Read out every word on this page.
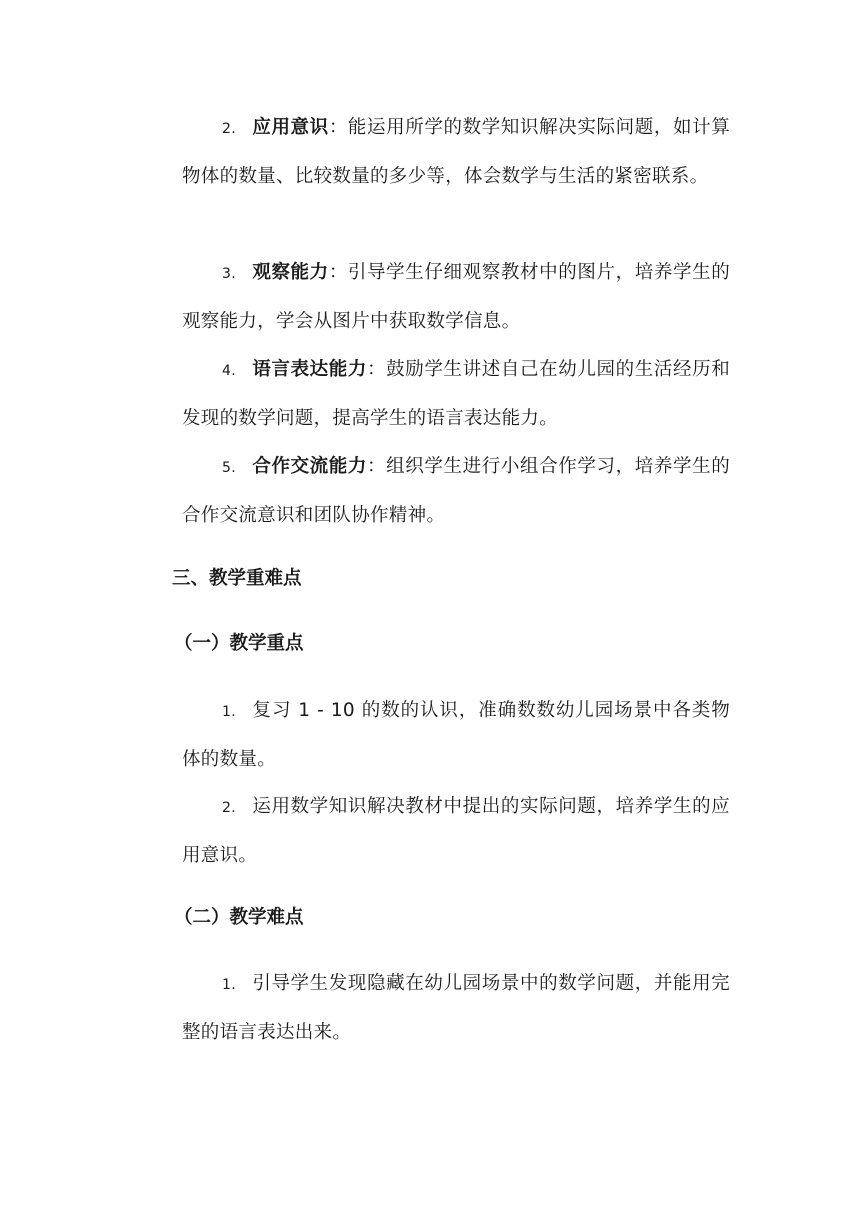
2. 应用意识：能运用所学的数学知识解决实际问题，如计算物体的数量、比较数量的多少等，体会数学与生活的紧密联系。

3. 观察能力：引导学生仔细观察教材中的图片，培养学生的观察能力，学会从图片中获取数学信息。

4. 语言表达能力：鼓励学生讲述自己在幼儿园的生活经历和发现的数学问题，提高学生的语言表达能力。

5. 合作交流能力：组织学生进行小组合作学习，培养学生的合作交流意识和团队协作精神。

三、教学重难点
（一）教学重点

1. 复习 1 - 10 的数的认识，准确数数幼儿园场景中各类物体的数量。

2. 运用数学知识解决教材中提出的实际问题，培养学生的应用意识。

（二）教学难点

1. 引导学生发现隐藏在幼儿园场景中的数学问题，并能用完整的语言表达出来。
